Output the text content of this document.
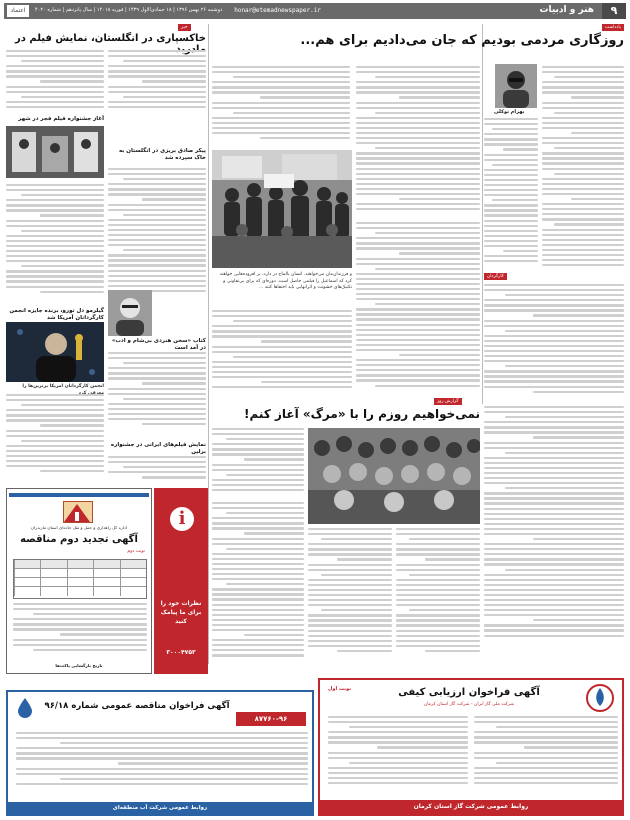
۹
هنر و ادبیات
honar@etemadnewspaper.ir
دوشنبه ۲۶ بهمن ۱۳۹۶ | ۱۸ جمادی‌الاول ۱۴۳۹ | فوریه ۱۴۰۱۸ | سال پانزدهم | شماره ۴۰۲۰
اعتماد
یادداشت
روزگاری مردمی بودیم که جان می‌دادیم برای هم...
بهرام توکلی
و فرزندان‌مان می‌خواهند. انسان بالماح در دارد، بر افزوده‌هایی خواهند کرد که اسماعیل را فیلمی حاصل است. دوره‌ای که برای بی‌تفاوتی و تکنیک‌های خشونت و اثرانهایی باید اختفاها کنند ...
کارگردان
گزارش روز
نمی‌خواهیم روزم را با «مرگ» آغاز کنم!
خبر
خاکسپاری در انگلستان، نمایش فیلم در
آغاز جشنواره فیلم فجر در شهر
پیکر صادق بریزی در انگلستان به خاک سپرده شد
کتاب «سخن هنردی بی‌شام و ادب» در آمد است
گیلرمو دل تورو، برنده جایزه انجمن کارگردانان آمریکا شد
انجمن کارگردانان امریکا برترین‌ها را
نمایش فیلم‌های ایرانی در جشنواره برلین
اداره کل راهداری و حمل و نقل جاده‌ای استان مازندران
آگهی تجدید دوم مناقصه
نوبت دوم
تاریخ بازگشایی پاکت‌ها
i
نظرات خود را برای ما پیامک کنید
۳۰۰۰۴۷۵۳
آگهی فراخوان ارزیابی کیفی
نوبت اول
شرکت ملی گاز ایران - شرکت گاز استان کرمان
روابط عمومی شرکت گاز استان کرمان
آگهی فراخوان مناقصه عمومی شماره ۹۶/۱۸
۸۷۷۶۰-۹۶
روابط عمومی شرکت آب منطقه‌ای
